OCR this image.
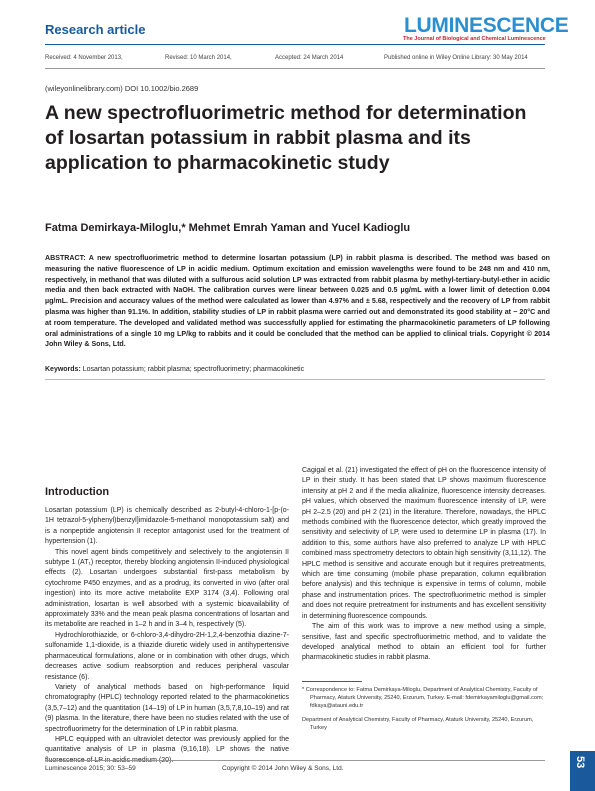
Research article	LUMINESCENCE
The Journal of Biological and Chemical Luminescence
Received: 4 November 2013,	Revised: 10 March 2014,	Accepted: 24 March 2014	Published online in Wiley Online Library: 30 May 2014
(wileyonlinelibrary.com) DOI 10.1002/bio.2689
A new spectrofluorimetric method for determination of losartan potassium in rabbit plasma and its application to pharmacokinetic study
Fatma Demirkaya-Miloglu,* Mehmet Emrah Yaman and Yucel Kadioglu

ABSTRACT: A new spectrofluorimetric method to determine losartan potassium (LP) in rabbit plasma is described. The method was based on measuring the native fluorescence of LP in acidic medium. Optimum excitation and emission wavelengths were found to be 248 nm and 410 nm, respectively, in methanol that was diluted with a sulfurous acid solution LP was extracted from rabbit plasma by methyl-tertiary-butyl-ether in acidic media and then back extracted with NaOH. The calibration curves were linear between 0.025 and 0.5 µg/mL with a lower limit of detection 0.004 µg/mL. Precision and accuracy values of the method were calculated as lower than 4.97% and ± 5.68, respectively and the recovery of LP from rabbit plasma was higher than 91.1%. In addition, stability studies of LP in rabbit plasma were carried out and demonstrated its good stability at − 20°C and at room temperature. The developed and validated method was successfully applied for estimating the pharmacokinetic parameters of LP following oral administrations of a single 10 mg LP/kg to rabbits and it could be concluded that the method can be applied to clinical trials. Copyright © 2014 John Wiley & Sons, Ltd.

Keywords: Losartan potassium; rabbit plasma; spectrofluorimetry; pharmacokinetic
Introduction

Losartan potassium (LP) is chemically described as 2-butyl-4-chloro-1-[p-(o-1H tetrazol-5-ylphenyl)benzyl]imidazole-5-methanol monopotassium salt) and is a nonpeptide angiotensin II receptor antagonist used for the treatment of hypertension (1).

This novel agent binds competitively and selectively to the angiotensin II subtype 1 (AT₁) receptor, thereby blocking angiotensin II-induced physiological effects (2). Losartan undergoes substantial first-pass metabolism by cytochrome P450 enzymes, and as a prodrug, its converted in vivo (after oral ingestion) into its more active metabolite EXP 3174 (3,4). Following oral administration, losartan is well absorbed with a systemic bioavailability of approximately 33% and the mean peak plasma concentrations of losartan and its metabolite are reached in 1–2 h and in 3–4 h, respectively (5).

Hydrochlorothiazide, or 6-chloro-3,4-dihydro-2H-1,2,4-benzothia diazine-7-sulfonamide 1,1-dioxide, is a thiazide diuretic widely used in antihypertensive pharmaceutical formulations, alone or in combination with other drugs, which decreases active sodium reabsorption and reduces peripheral vascular resistance (6).

Variety of analytical methods based on high-performance liquid chromatography (HPLC) technology reported related to the pharmacokinetics (3,5,7–12) and the quantitation (14–19) of LP in human (3,5,7,8,10–19) and rat (9) plasma. In the literature, there have been no studies related with the use of spectrofluorimetry for the determination of LP in rabbit plasma.

HPLC equipped with an ultraviolet detector was previously applied for the quantitative analysis of LP in plasma (9,16,18). LP shows the native

Cagigal et al. (21) investigated the effect of pH on the fluorescence intensity of LP in their study. It has been stated that LP shows maximum fluorescence intensity at pH 2 and if the media alkalinize, fluorescence intensity decreases. pH values, which observed the maximum fluorescence intensity of LP, were pH 2–2.5 (20) and pH 2 (21) in the literature. Therefore, nowadays, the HPLC methods combined with the fluorescence detector, which greatly improved the sensitivity and selectivity of LP, were used to determine LP in plasma (17). In addition to this, some authors have also preferred to analyze LP with HPLC combined mass spectrometry detectors to obtain high sensitivity (3,11,12). The HPLC method is sensitive and accurate enough but it requires pretreatments, which are time consuming (mobile phase preparation, column equilibration before analysis) and this technique is expensive in terms of column, mobile phase and instrumentation prices. The spectrofluorimetric method is simpler and does not require pretreatment for instruments and has excellent sensitivity in determining fluorescence compounds.

The aim of this work was to improve a new method using a simple, sensitive, fast and specific spectrofluorimetric method, and to validate the developed analytical method to obtain an efficient tool for further pharmacokinetic studies in rabbit plasma.

* Correspondence to: Fatma Demirkaya-Miloglu, Department of Analytical Chemistry, Faculty of Pharmacy, Ataturk University, 25240, Erzurum, Turkey. E-mail: fdemirkayamiloglu@gmail.com; fdkaya@atauni.edu.tr

Department of Analytical Chemistry, Faculty of Pharmacy, Ataturk University, 25240, Erzurum, Turkey

Luminescence 2015; 30: 53–59	Copyright © 2014 John Wiley & Sons, Ltd.
53
